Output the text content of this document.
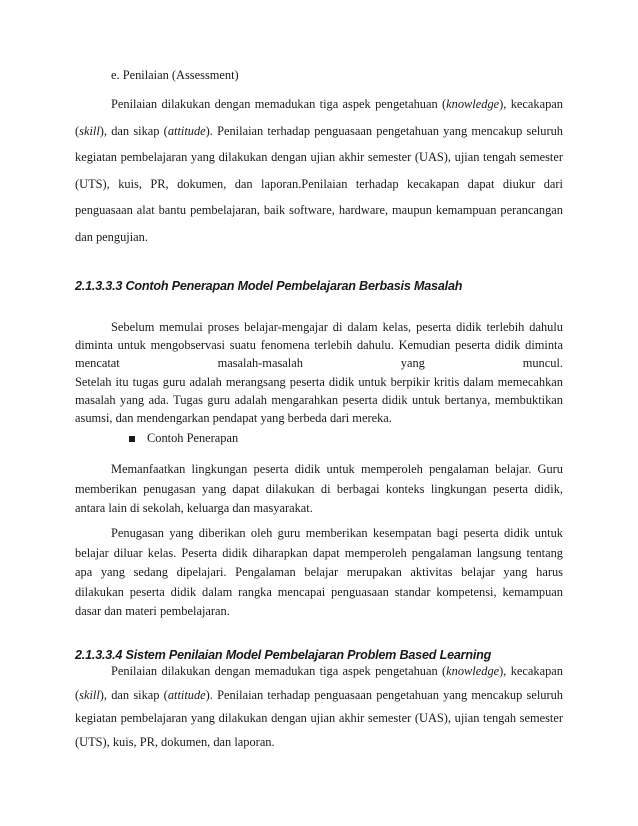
e. Penilaian (Assessment)
Penilaian dilakukan dengan memadukan tiga aspek pengetahuan (knowledge), kecakapan
(skill), dan sikap (attitude). Penilaian terhadap penguasaan pengetahuan yang mencakup seluruh
kegiatan pembelajaran yang dilakukan dengan ujian akhir semester (UAS), ujian tengah semester
(UTS), kuis, PR, dokumen, dan laporan.Penilaian terhadap kecakapan dapat diukur dari
penguasaan alat bantu pembelajaran, baik software, hardware, maupun kemampuan perancangan
dan pengujian.
2.1.3.3.3 Contoh Penerapan Model Pembelajaran Berbasis Masalah
Sebelum memulai proses belajar-mengajar di dalam kelas, peserta didik terlebih dahulu
diminta untuk mengobservasi suatu fenomena terlebih dahulu. Kemudian peserta didik diminta
mencatat masalah-masalah yang muncul.
Setelah itu tugas guru adalah merangsang peserta didik untuk berpikir kritis dalam memecahkan
masalah yang ada. Tugas guru adalah mengarahkan peserta didik untuk bertanya, membuktikan
asumsi, dan mendengarkan pendapat yang berbeda dari mereka.
Contoh Penerapan
Memanfaatkan lingkungan peserta didik untuk memperoleh pengalaman belajar. Guru
memberikan penugasan yang dapat dilakukan di berbagai konteks lingkungan peserta didik,
antara lain di sekolah, keluarga dan masyarakat.
Penugasan yang diberikan oleh guru memberikan kesempatan bagi peserta didik untuk
belajar diluar kelas. Peserta didik diharapkan dapat memperoleh pengalaman langsung tentang
apa yang sedang dipelajari. Pengalaman belajar merupakan aktivitas belajar yang harus
dilakukan peserta didik dalam rangka mencapai penguasaan standar kompetensi, kemampuan
dasar dan materi pembelajaran.
2.1.3.3.4 Sistem Penilaian Model Pembelajaran Problem Based Learning
Penilaian dilakukan dengan memadukan tiga aspek pengetahuan (knowledge), kecakapan
(skill), dan sikap (attitude). Penilaian terhadap penguasaan pengetahuan yang mencakup seluruh
kegiatan pembelajaran yang dilakukan dengan ujian akhir semester (UAS), ujian tengah semester
(UTS), kuis, PR, dokumen, dan laporan.
